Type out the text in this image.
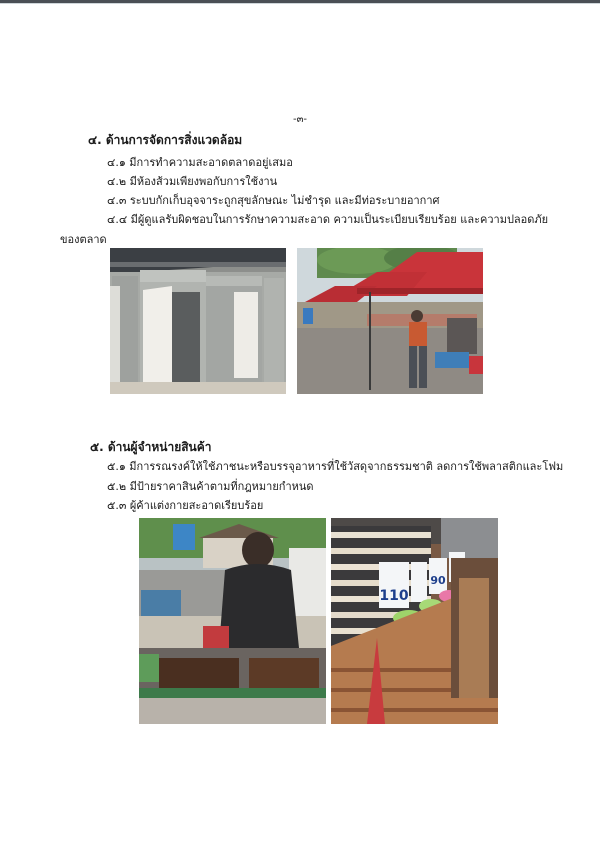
-๓-
๔. ด้านการจัดการสิ่งแวดล้อม
๔.๑ มีการทำความสะอาดตลาดอยู่เสมอ
๔.๒ มีห้องส้วมเพียงพอกับการใช้งาน
๔.๓ ระบบกักเก็บอุจจาระถูกสุขลักษณะ ไม่ชำรุด และมีท่อระบายอากาศ
๔.๔ มีผู้ดูแลรับผิดชอบในการรักษาความสะอาด ความเป็นระเบียบเรียบร้อย และความปลอดภัย
ของตลาด
๕. ด้านผู้จำหน่ายสินค้า
๕.๑ มีการรณรงค์ให้ใช้ภาชนะหรือบรรจุอาหารที่ใช้วัสดุจากธรรมชาติ ลดการใช้พลาสติกและโฟม
๕.๒ มีป้ายราคาสินค้าตามที่กฎหมายกำหนด
๕.๓ ผู้ค้าแต่งกายสะอาดเรียบร้อย
110
90
